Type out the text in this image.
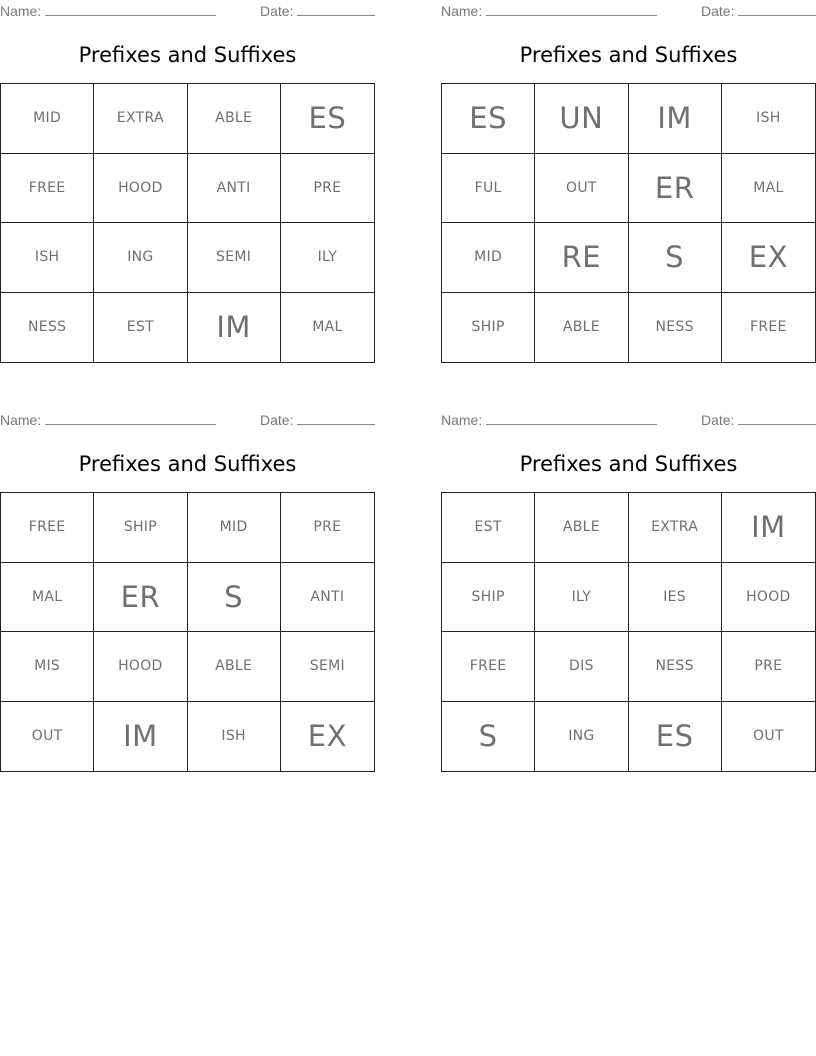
Name:	Date:
Prefixes and Suffixes
MID	EXTRA	ABLE	ES
FREE	HOOD	ANTI	PRE
ISH	ING	SEMI	ILY
NESS	EST	IM	MAL
Name:	Date:
Prefixes and Suffixes
ES	UN	IM	ISH
FUL	OUT	ER	MAL
MID	RE	S	EX
SHIP	ABLE	NESS	FREE
Name:	Date:
Prefixes and Suffixes
FREE	SHIP	MID	PRE
MAL	ER	S	ANTI
MIS	HOOD	ABLE	SEMI
OUT	IM	ISH	EX
Name:	Date:
Prefixes and Suffixes
EST	ABLE	EXTRA	IM
SHIP	ILY	IES	HOOD
FREE	DIS	NESS	PRE
S	ING	ES	OUT
